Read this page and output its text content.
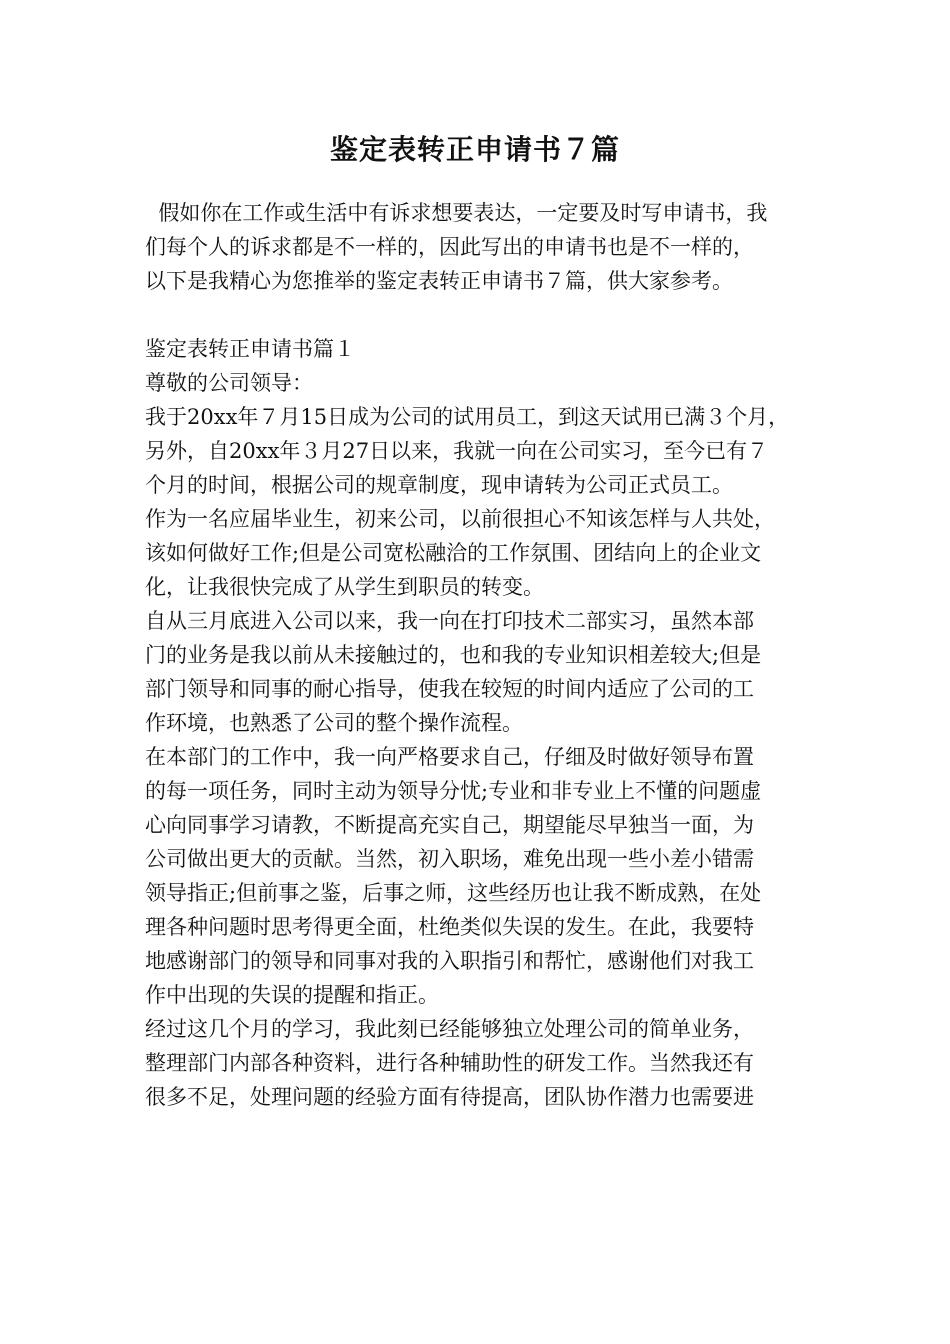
鉴定表转正申请书７篇
假如你在工作或生活中有诉求想要表达，一定要及时写申请书，我
们每个人的诉求都是不一样的，因此写出的申请书也是不一样的，
以下是我精心为您推举的鉴定表转正申请书７篇，供大家参考。
鉴定表转正申请书篇１
尊敬的公司领导：
我于20xx年７月15日成为公司的试用员工，到这天试用已满３个月，
另外，自20xx年３月27日以来，我就一向在公司实习，至今已有７
个月的时间，根据公司的规章制度，现申请转为公司正式员工。
作为一名应届毕业生，初来公司，以前很担心不知该怎样与人共处，
该如何做好工作;但是公司宽松融洽的工作氛围、团结向上的企业文
化，让我很快完成了从学生到职员的转变。
自从三月底进入公司以来，我一向在打印技术二部实习，虽然本部
门的业务是我以前从未接触过的，也和我的专业知识相差较大;但是
部门领导和同事的耐心指导，使我在较短的时间内适应了公司的工
作环境，也熟悉了公司的整个操作流程。
在本部门的工作中，我一向严格要求自己，仔细及时做好领导布置
的每一项任务，同时主动为领导分忧;专业和非专业上不懂的问题虚
心向同事学习请教，不断提高充实自己，期望能尽早独当一面，为
公司做出更大的贡献。当然，初入职场，难免出现一些小差小错需
领导指正;但前事之鉴，后事之师，这些经历也让我不断成熟，在处
理各种问题时思考得更全面，杜绝类似失误的发生。在此，我要特
地感谢部门的领导和同事对我的入职指引和帮忙，感谢他们对我工
作中出现的失误的提醒和指正。
经过这几个月的学习，我此刻已经能够独立处理公司的简单业务，
整理部门内部各种资料，进行各种辅助性的研发工作。当然我还有
很多不足，处理问题的经验方面有待提高，团队协作潜力也需要进
